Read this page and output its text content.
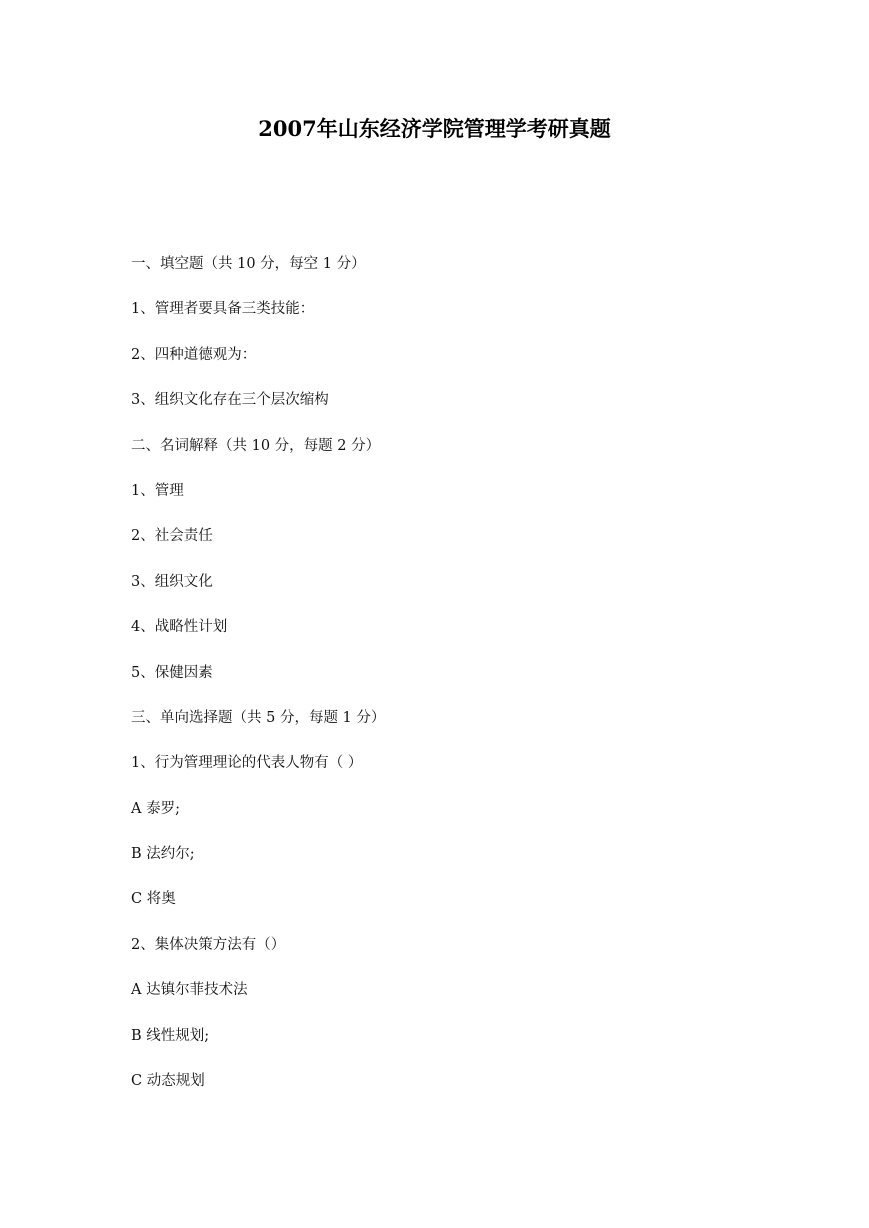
2007年山东经济学院管理学考研真题
一、填空题（共 10 分，每空 1 分）
1、管理者要具备三类技能：
2、四种道德观为：
3、组织文化存在三个层次缩构
二、名词解释（共 10 分，每题 2 分）
1、管理
2、社会责任
3、组织文化
4、战略性计划
5、保健因素
三、单向选择题（共 5 分，每题 1 分）
1、行为管理理论的代表人物有（ ）
A 泰罗;
B 法约尔;
C 将奥
2、集体决策方法有（）
A 达镇尔菲技术法
B 线性规划;
C 动态规划
